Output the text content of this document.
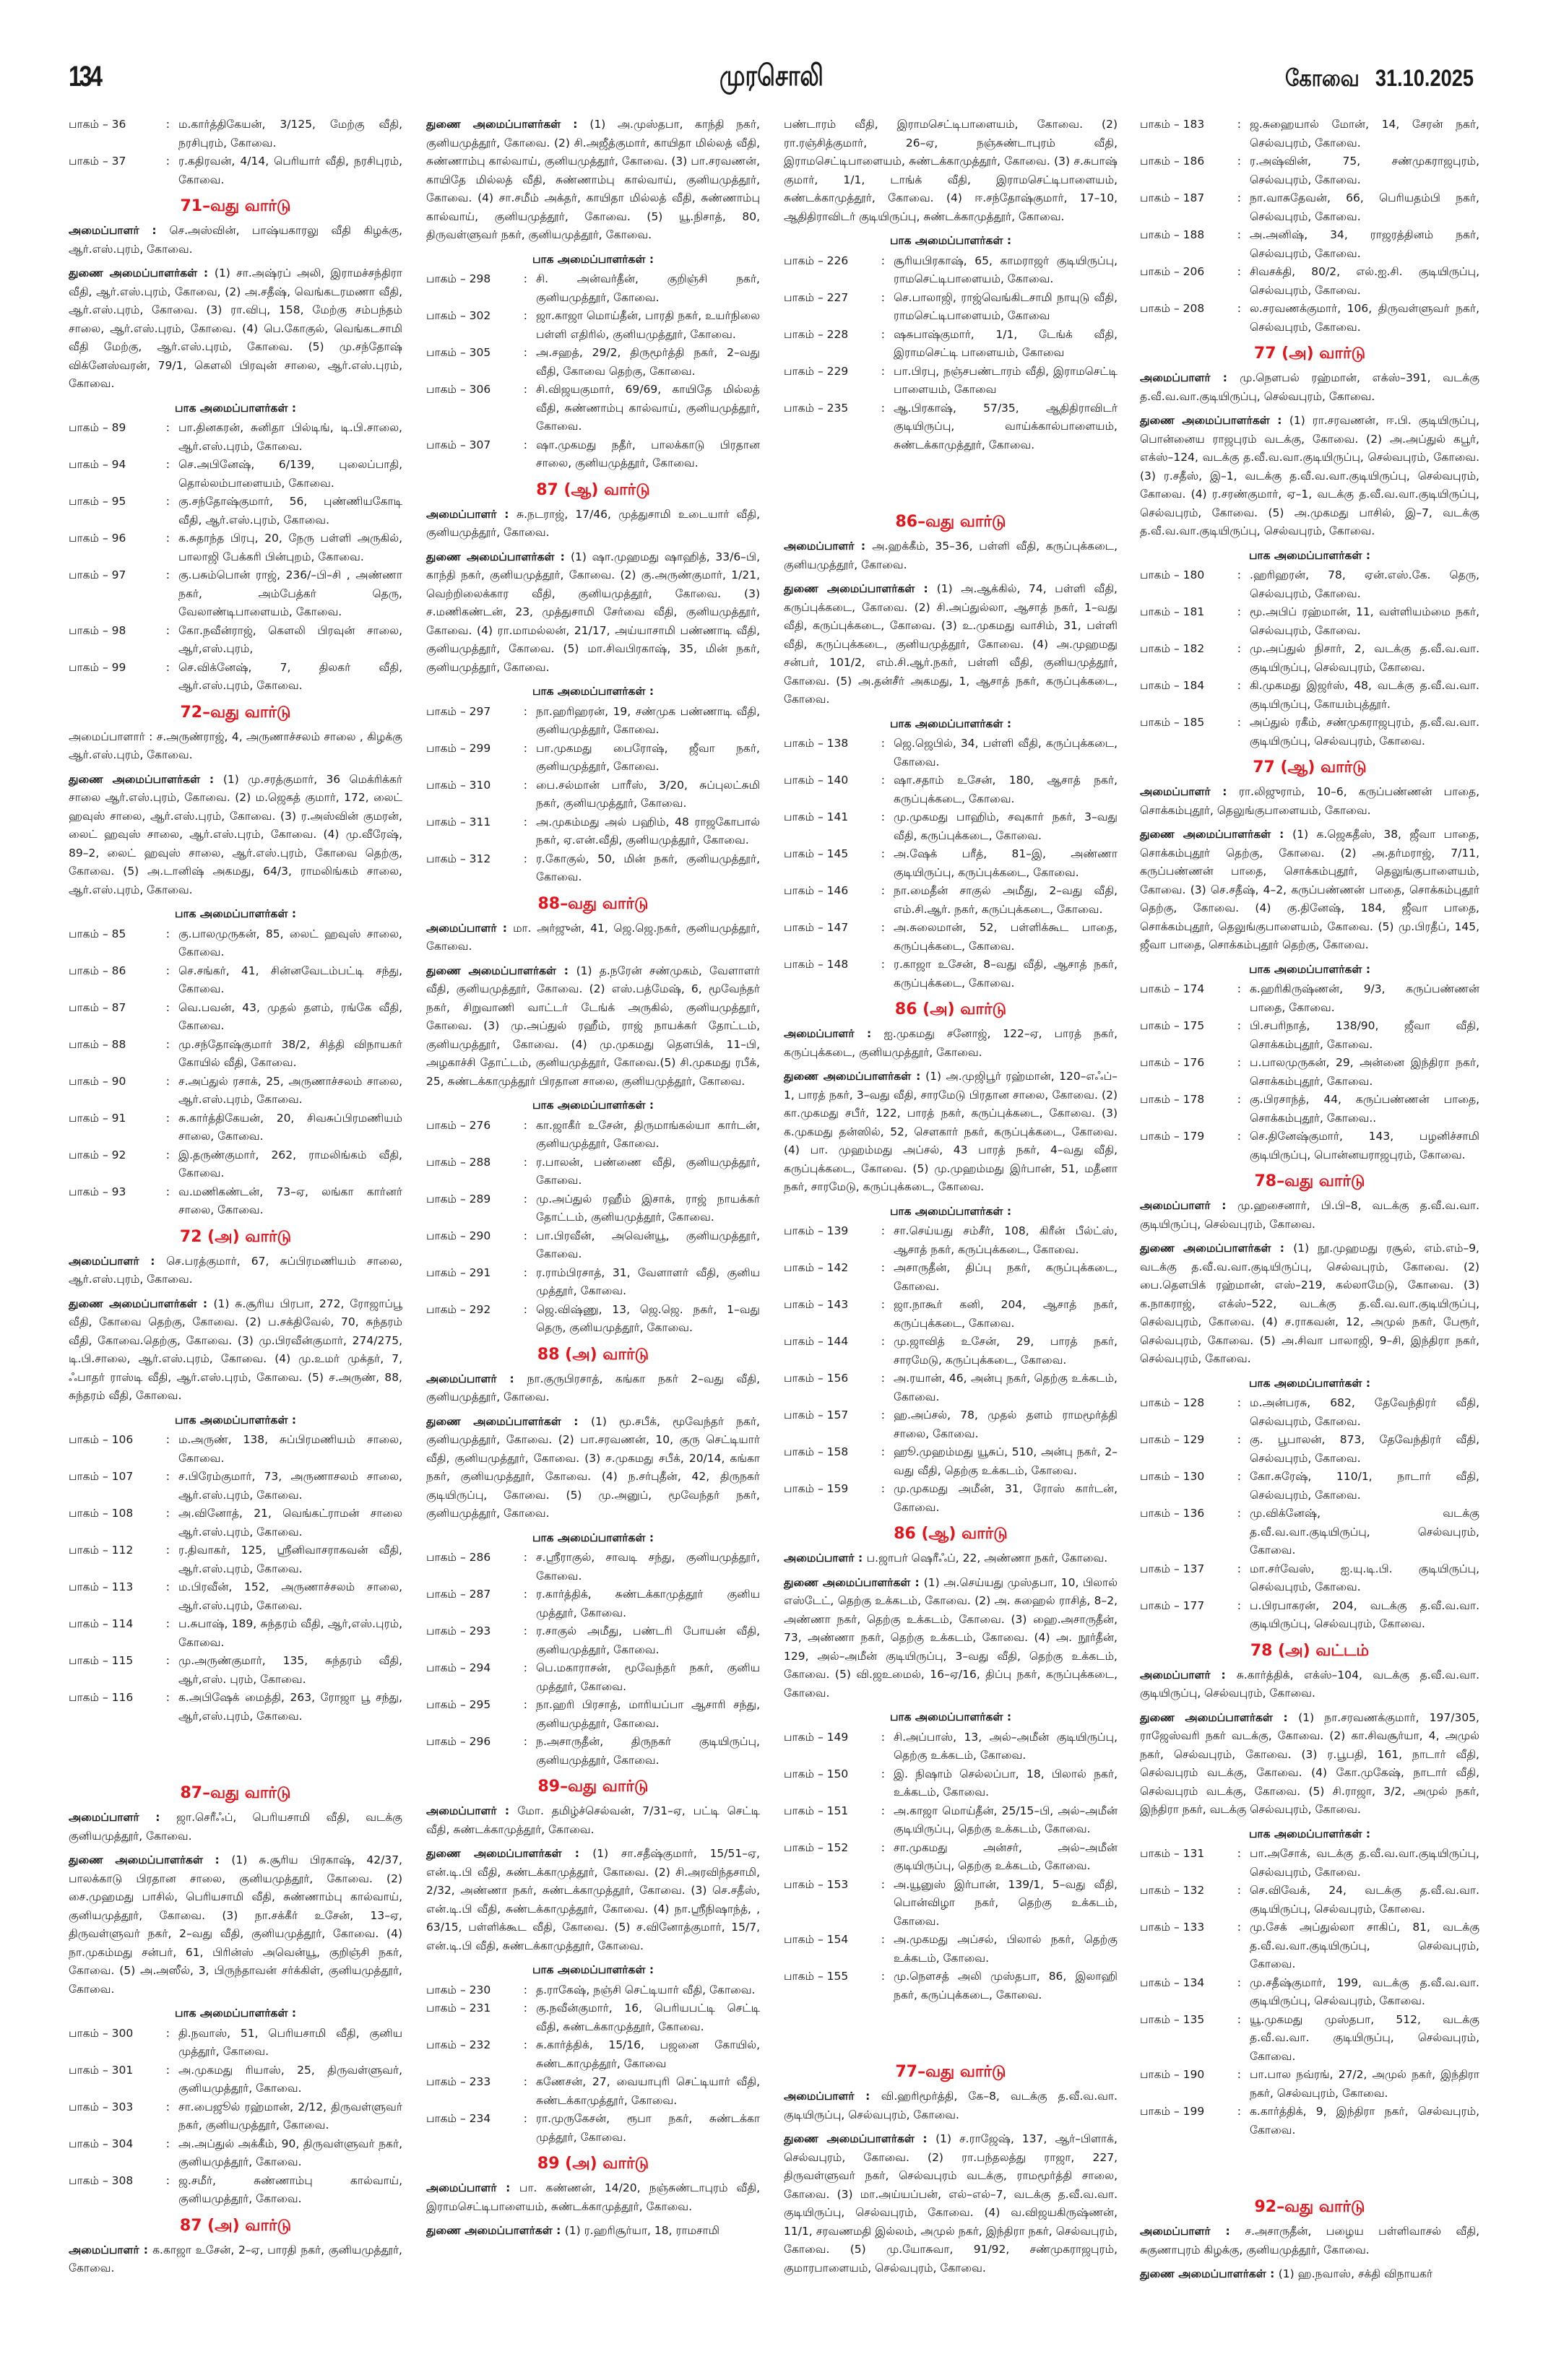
134	முரசொலி	கோவை 31.10.2025
பாகம் – 36	: ம.கார்த்திகேயன், 3/125, மேற்கு வீதி, நரசிபுரம், கோவை.
பாகம் – 37	: ர.கதிரவன், 4/14, பெரியார் வீதி, நரசிபுரம், கோவை.
71–வது வார்டு

அமைப்பாளர் : செ.அஸ்வின், பாஷ்யகாரலு வீதி கிழக்கு, ஆர்.எஸ்.புரம், கோவை.

துணை அமைப்பாளர்கள் : (1) சா.அஷ்ரப் அலி, இராமச்சந்திரா வீதி, ஆர்.எஸ்.புரம், கோவை, (2) அ.சதீஷ், வெங்கடரமணா வீதி, ஆர்.எஸ்.புரம், கோவை. (3) ரா.விபு, 158, மேற்கு சம்பந்தம் சாலை, ஆர்.எஸ்.புரம், கோவை. (4) பெ.கோகுல், வெங்கடசாமி வீதி மேற்கு, ஆர்.எஸ்.புரம், கோவை. (5) மு.சந்தோஷ் விக்னேஸ்வரன், 79/1, கௌலி பிரவுன் சாலை, ஆர்.எஸ்.புரம், கோவை.

பாக அமைப்பாளர்கள் :
பாகம் – 89	: பா.தினகரன், சுனிதா பில்டிங், டி.பி.சாலை, ஆர்.எஸ்.புரம், கோவை.
பாகம் – 94	: செ.அபினேஷ், 6/139, புலைப்பாதி, தொல்லம்பாளையம், கோவை.
பாகம் – 95	: கு.சந்தோஷ்குமார், 56, புண்ணியகோடி வீதி, ஆர்.எஸ்.புரம், கோவை.
பாகம் – 96	: க.சுதாந்த பிரபு, 20, நேரு பள்ளி அருகில், பாலாஜி பேக்கரி பின்புறம், கோவை.
பாகம் – 97	: கு.பசும்பொன் ராஜ், 236/–பி–சி , அண்ணா நகர், அம்பேத்கர் தெரு, வேலாண்டிபாளையம், கோவை.
பாகம் – 98	: கோ.நவீன்ராஜ், கௌலி பிரவுன் சாலை, ஆர்,எஸ்.புரம்,
பாகம் – 99	: செ.விக்னேஷ், 7, திலகர் வீதி, ஆர்.எஸ்.புரம், கோவை.
72–வது வார்டு

அமைப்பாளார் : ச.அருண்ராஜ், 4, அருணாச்சலம் சாலை , கிழக்கு ஆர்.எஸ்.புரம், கோவை.

துணை அமைப்பாளர்கள் : (1) மு.சரத்குமார், 36 மெக்ரிக்கர் சாலை ஆர்.எஸ்.புரம், கோவை. (2) ம.ஜெகத் குமார், 172, லைட் ஹவுஸ் சாலை, ஆர்.எஸ்.புரம், கோவை. (3) ர.அஸ்வின் குமரன், லைட் ஹவுஸ் சாலை, ஆர்.எஸ்.புரம், கோவை. (4) மு.வீரேஷ், 89–2, லைட் ஹவுஸ் சாலை, ஆர்.எஸ்.புரம், கோவை தெற்கு, கோவை. (5) அ.டானிஷ் அகமது, 64/3, ராமலிங்கம் சாலை, ஆர்.எஸ்.புரம், கோவை.

பாக அமைப்பாளர்கள் :
பாகம் – 85	: கு.பாலமுருகன், 85, லைட் ஹவுஸ் சாலை, கோவை.
பாகம் – 86	: செ.சங்கர், 41, சின்னவேடம்பட்டி சந்து, கோவை.
பாகம் – 87	: வெ.பவன், 43, முதல் தளம், ரங்கே வீதி, கோவை.
பாகம் – 88	: மு.சந்தோஷ்குமார் 38/2, சித்தி விநாயகர் கோயில் வீதி, கோவை.
பாகம் – 90	: ச.அப்துல் ரசாக், 25, அருணாச்சலம் சாலை, ஆர்.எஸ்.புரம், கோவை.
பாகம் – 91	: சு.கார்த்திகேயன், 20, சிவசுப்பிரமணியம் சாலை, கோவை.
பாகம் – 92	: இ.தருண்குமார், 262, ராமலிங்கம் வீதி, கோவை.
பாகம் – 93	: வ.மணிகண்டன், 73–ஏ, லங்கா கார்னர் சாலை, கோவை.
72 (அ) வார்டு

அமைப்பாளர் : செ.பரத்குமார், 67, சுப்பிரமணியம் சாலை, ஆர்.எஸ்.புரம், கோவை.

துணை அமைப்பாளர்கள் : (1) சு.சூரிய பிரபா, 272, ரோஜாப்பூ வீதி, கோவை தெற்கு, கோவை. (2) ப.சக்திவேல், 70, சுந்தரம் வீதி, கோவை.தெற்கு, கோவை. (3) மு.பிரவீன்குமார், 274/275, டி.பி.சாலை, ஆர்.எஸ்.புரம், கோவை. (4) மு.உமர் முக்தர், 7, ஃபாதர் ராஸ்டி வீதி, ஆர்.எஸ்.புரம், கோவை. (5) ச.அருண், 88, சுந்தரம் வீதி, கோவை.

பாக அமைப்பாளர்கள் :
பாகம் – 106	: ம.அருண், 138, சுப்பிரமணியம் சாலை, கோவை.
பாகம் – 107	: ச.பிரேம்குமார், 73, அருணாசலம் சாலை, ஆர்.எஸ்.புரம், கோவை.
பாகம் – 108	: அ.வினோத், 21, வெங்கட்ராமன் சாலை ஆர்.எஸ்.புரம், கோவை.
பாகம் – 112	: ர.திவாகர், 125, ஸ்ரீனிவாசராகவன் வீதி, ஆர்.எஸ்.புரம், கோவை.
பாகம் – 113	: ம.பிரவீன், 152, அருணாச்சலம் சாலை, ஆர்.எஸ்.புரம், கோவை.
பாகம் – 114	: ப.சுபாஷ், 189, சுந்தரம் வீதி, ஆர்,எஸ்.புரம், கோவை.
பாகம் – 115	: மு.அருண்குமார், 135, சுந்தரம் வீதி, ஆர்,எஸ். புரம், கோவை.
பாகம் – 116	: க.அபிஷேக் மைத்தி, 263, ரோஜா பூ சந்து, ஆர்,எஸ்.புரம், கோவை.
87–வது வார்டு

அமைப்பாளர் : ஜா.செரீஃப், பெரியசாமி வீதி, வடக்கு குனியமுத்தூர், கோவை.

துணை அமைப்பாளர்கள் : (1) சு.சூரிய பிரகாஷ், 42/37, பாலக்காடு பிரதான சாலை, குனியமுத்தூர், கோவை. (2) சை.முஹமது பாசில், பெரியசாமி வீதி, சுண்ணாம்பு கால்வாய், குனியமுத்தூர், கோவை. (3) நா.சக்கீர் உசேன், 13–ஏ, திருவள்ளுவர் நகர், 2–வது வீதி, குனியமுத்தூர், கோவை. (4) நா.முகம்மது சன்பர், 61, பிரின்ஸ் அவென்யூ, குறிஞ்சி நகர், கோவை. (5) அ.அஸீல், 3, பிருந்தாவன் சர்க்கிள், குனியமுத்தூர், கோவை.

பாக அமைப்பாளர்கள் :
பாகம் – 300	: தி.நவாஸ், 51, பெரியசாமி வீதி, குனிய முத்தூர், கோவை.
பாகம் – 301	: அ.முகமது ரியாஸ், 25, திருவள்ளுவர், குனியமுத்தூர், கோவை.
பாகம் – 303	: சா.பைஜூல் ரஹ்மான், 2/12, திருவள்ளுவர் நகர், குனியமுத்தூர், கோவை.
பாகம் – 304	: அ.அப்துல் அக்கீம், 90, திருவள்ளுவர் நகர், குனியமுத்தூர், கோவை.
பாகம் – 308	: ஜ.சமீர், சுண்ணாம்பு கால்வாய், குனியமுத்தூர், கோவை.
87 (அ) வார்டு

அமைப்பாளர் : க.காஜா உசேன், 2–ஏ, பாரதி நகர், குனியமுத்தூர், கோவை.

துணை அமைப்பாளர்கள் : (1) அ.முஸ்தபா, காந்தி நகர், குனியமுத்தூர், கோவை. (2) சி.அஜீத்குமார், காயிதா மில்லத் வீதி, சுண்ணாம்பு கால்வாய், குனியமுத்தூர், கோவை. (3) பா.சரவணன், காயிதே மில்லத் வீதி, சுண்ணாம்பு கால்வாய், குனியமுத்தூர், கோவை. (4) சா.சமீம் அக்தர், காயிதா மில்லத் வீதி, சுண்ணாம்பு கால்வாய், குனியமுத்தூர், கோவை. (5) யூ.நிசாத், 80, திருவள்ளுவர் நகர், குனியமுத்தூர், கோவை.

பாக அமைப்பாளர்கள் :
பாகம் – 298	: சி. அன்வர்தீன், குறிஞ்சி நகர், குனியமுத்தூர், கோவை.
பாகம் – 302	: ஜா.காஜா மொய்தீன், பாரதி நகர், உயர்நிலை பள்ளி எதிரில், குனியமுத்தூர், கோவை.
பாகம் – 305	: அ.சஹத், 29/2, திருமூர்த்தி நகர், 2–வது வீதி, கோவை தெற்கு, கோவை.
பாகம் – 306	: சி.விஜயகுமார், 69/69, காயிதே மில்லத் வீதி, சுண்ணாம்பு கால்வாய், குனியமுத்தூர், கோவை.
பாகம் – 307	: ஷா.முகமது நதீர், பாலக்காடு பிரதான சாலை, குனியமுத்தூர், கோவை.
87 (ஆ) வார்டு

அமைப்பாளர் : சு.நடராஜ், 17/46, முத்துசாமி உடையார் வீதி, குனியமுத்தூர், கோவை.

துணை அமைப்பாளர்கள் : (1) ஷா.முஹமது ஷாஹித், 33/6–பி, காந்தி நகர், குனியமுத்தூர், கோவை. (2) கு.அருண்குமார், 1/21, வெற்றிலைக்கார வீதி, குனியமுத்தூர், கோவை. (3) ச.மணிகண்டன், 23, முத்துசாமி சேர்வை வீதி, குனியமுத்தூர், கோவை. (4) ரா.மாமல்லன், 21/17, அய்யாசாமி பண்ணாடி வீதி, குனியமுத்தூர், கோவை. (5) மா.சிவபிரகாஷ், 35, மின் நகர், குனியமுத்தூர், கோவை.

பாக அமைப்பாளர்கள் :
பாகம் – 297	: நா.ஹரிஹரன், 19, சண்முக பண்ணாடி வீதி, குனியமுத்தூர், கோவை.
பாகம் – 299	: பா.முகமது பைரோஷ், ஜீவா நகர், குனியமுத்தூர், கோவை.
பாகம் – 310	: பை.சல்மான் பாரீஸ், 3/20, சுப்புலட்சுமி நகர், குனியமுத்தூர், கோவை.
பாகம் – 311	: அ.முகம்மது அல் பஹிம், 48 ராஜகோபால் நகர், ஏ.என்.வீதி, குனியமுத்தூர், கோவை.
பாகம் – 312	: ர.கோகுல், 50, மின் நகர், குனியமுத்தூர், கோவை.
88–வது வார்டு

அமைப்பாளர் : மா. அர்ஜுன், 41, ஜெ.ஜெ.நகர், குனியமுத்தூர், கோவை.

துணை அமைப்பாளர்கள் : (1) த.நரேன் சண்முகம், வேளாளர் வீதி, குனியமுத்தூர், கோவை. (2) எஸ்.பத்மேஷ், 6, மூவேந்தர் நகர், சிறுவாணி வாட்டர் டேங்க் அருகில், குனியமுத்தூர், கோவை. (3) மு.அப்துல் ரஹீம், ராஜ் நாயக்கர் தோட்டம், குனியமுத்தூர், கோவை. (4) மு.முகமது தௌபிக், 11–பி, அழகாச்சி தோட்டம், குனியமுத்தூர், கோவை.(5) சி.முகமது ரபீக், 25, சுண்டக்காமுத்தூர் பிரதான சாலை, குனியமுத்தூர், கோவை.

பாக அமைப்பாளர்கள் :
பாகம் – 276	: கா.ஜாகீர் உசேன், திருமாங்கல்யா கார்டன், குனியமுத்தூர், கோவை.
பாகம் – 288	: ர.பாலன், பண்ணை வீதி, குனியமுத்தூர், கோவை.
பாகம் – 289	: மு.அப்துல் ரஹீம் இசாக், ராஜ் நாயக்கர் தோட்டம், குனியமுத்தூர், கோவை.
பாகம் – 290	: பா.பிரவீன், அவென்யூ, குனியமுத்தூர், கோவை.
பாகம் – 291	: ர.ராம்பிரசாத், 31, வேளாளர் வீதி, குனிய முத்தூர், கோவை.
பாகம் – 292	: ஜெ.விஷ்ணு, 13, ஜெ.ஜெ. நகர், 1–வது தெரு, குனியமுத்தூர், கோவை.
88 (அ) வார்டு

அமைப்பாளர் : நா.குருபிரசாத், கங்கா நகர் 2–வது வீதி, குனியமுத்தூர், கோவை.

துணை அமைப்பாளர்கள் : (1) மூ.சபீக், மூவேந்தர் நகர், குனியமுத்தூர், கோவை. (2) பா.சரவணன், 10, குரு செட்டியார் வீதி, குனியமுத்தூர், கோவை. (3) ச.முகமது சபீக், 20/14, கங்கா நகர், குனியமுத்தூர், கோவை. (4) ந.சர்புதீன், 42, திருநகர் குடியிருப்பு, கோவை. (5) மு.அனுப், மூவேந்தர் நகர், குனியமுத்தூர், கோவை.

பாக அமைப்பாளர்கள் :
பாகம் – 286	: ச.ஸ்ரீராகுல், சாவடி சந்து, குனியமுத்தூர், கோவை.
பாகம் – 287	: ர.கார்த்திக், சுண்டக்காமுத்தூர் குனிய முத்தூர், கோவை.
பாகம் – 293	: ர.சாகுல் அமீது, பண்டரி போயன் வீதி, குனியமுத்தூர், கோவை.
பாகம் – 294	: பெ.மகாராசன், மூவேந்தர் நகர், குனிய முத்தூர், கோவை.
பாகம் – 295	: நா.ஹரி பிரசாத், மாரியப்பா ஆசாரி சந்து, குனியமுத்தூர், கோவை.
பாகம் – 296	: ந.அசாருதீன், திருநகர் குடியிருப்பு, குனியமுத்தூர், கோவை.
89–வது வார்டு

அமைப்பாளர் : மோ. தமிழ்ச்செல்வன், 7/31–ஏ, பட்டி செட்டி வீதி, சுண்டக்காமுத்தூர், கோவை.

துணை அமைப்பாளர்கள் : (1) சா.சதீஷ்குமார், 15/51–ஏ, என்.டி.பி வீதி, சுண்டக்காமுத்தூர், கோவை. (2) சி.அரவிந்தசாமி, 2/32, அண்ணா நகர், சுண்டக்காமுத்தூர், கோவை. (3) செ.சதீஸ், என்.டி.பி வீதி, சுண்டக்காமுத்தூர், கோவை. (4) நா.ஸ்ரீநிஷாந்த், , 63/15, பள்ளிக்கூட வீதி, கோவை. (5) ச.வினோத்குமார், 15/7, என்.டி.பி வீதி, சுண்டக்காமுத்தூர், கோவை.

பாக அமைப்பாளர்கள் :
பாகம் – 230	: த.ராகேஷ், நஞ்சி செட்டியார் வீதி, கோவை.
பாகம் – 231	: கு.நவீன்குமார், 16, பெரியபட்டி செட்டி வீதி, சுண்டக்காமுத்தூர், கோவை.
பாகம் – 232	: சு.கார்த்திக், 15/16, பஜனை கோயில், சுண்டகாமுத்தூர், கோவை
பாகம் – 233	: கணேசன், 27, வையாபுரி செட்டியார் வீதி, சுண்டக்காமுத்தூர், கோவை.
பாகம் – 234	: ரா.முருகேசன், ரூபா நகர், சுண்டக்கா முத்தூர், கோவை.
89 (அ) வார்டு

அமைப்பாளர் : பா. கண்ணன், 14/20, நஞ்சுண்டாபுரம் வீதி, இராமசெட்டிபாளையம், சுண்டக்காமுத்தூர், கோவை.

துணை அமைப்பாளர்கள் : (1) ர.ஹரிசூர்யா, 18, ராமசாமி

பண்டாரம் வீதி, இராமசெட்டிபாளையம், கோவை. (2) ரா.ரஞ்சித்குமார், 26–ஏ, நஞ்சுண்டாபுரம் வீதி, இராமசெட்டிபாளையம், சுண்டக்காமுத்தூர், கோவை. (3) ச.சுபாஷ் குமார், 1/1, டாங்க் வீதி, இராமசெட்டிபாளையம், சுண்டக்காமுத்தூர், கோவை. (4) ஈ.சந்தோஷ்குமார், 17–10, ஆதிதிராவிடர் குடியிருப்பு, சுண்டக்காமுத்தூர், கோவை.

பாக அமைப்பாளர்கள் :
பாகம் – 226	: சூரியபிரகாஷ், 65, காமராஜர் குடியிருப்பு, ராமசெட்டிபாளையம், கோவை.
பாகம் – 227	: செ.பாலாஜி, ராஜ்வெங்கிடசாமி நாயுடு வீதி, ராமசெட்டிபாளையம், கோவை
பாகம் – 228	: ஷசுபாஷ்குமார், 1/1, டேங்க் வீதி, இராமசெட்டி பாளையம், கோவை
பாகம் – 229	: பா.பிரபு, நஞ்சபண்டாரம் வீதி, இராமசெட்டி பாளையம், கோவை
பாகம் – 235	: ஆ.பிரகாஷ், 57/35, ஆதிதிராவிடர் குடியிருப்பு, வாய்க்கால்பாளையம், சுண்டக்காமுத்தூர், கோவை.
86–வது வார்டு

அமைப்பாளர் : அ.ஹக்கீம், 35–36, பள்ளி வீதி, கருப்புக்கடை, குனியமுத்தூர், கோவை.

துணை அமைப்பாளர்கள் : (1) அ.ஆக்கில், 74, பள்ளி வீதி, கருப்புக்கடை, கோவை. (2) சி.அப்துல்லா, ஆசாத் நகர், 1–வது வீதி, கருப்புக்கடை, கோவை. (3) உ.முகமது வாசிம், 31, பள்ளி வீதி, கருப்புக்கடை, குனியமுத்தூர், கோவை. (4) அ.முஹமது சன்பர், 101/2, எம்.சி.ஆர்.நகர், பள்ளி வீதி, குனியமுத்தூர், கோவை. (5) அ.தன்சீர் அகமது, 1, ஆசாத் நகர், கருப்புக்கடை, கோவை.

பாக அமைப்பாளர்கள் :
பாகம் – 138	: ஜெ.ஜெபில், 34, பள்ளி வீதி, கருப்புக்கடை, கோவை.
பாகம் – 140	: ஷா.சதாம் உசேன், 180, ஆசாத் நகர், கருப்புக்கடை, கோவை.
பாகம் – 141	: மு.முகமது பாஹிம், சவுகார் நகர், 3–வது வீதி, கருப்புக்கடை, கோவை.
பாகம் – 145	: அ.ஷேக் பரீத், 81–இ, அண்ணா குடியிருப்பு, கருப்புக்கடை, கோவை.
பாகம் – 146	: நா.மைதீன் சாகுல் அமீது, 2–வது வீதி, எம்.சி.ஆர். நகர், கருப்புக்கடை, கோவை.
பாகம் – 147	: அ.சுலைமான், 52, பள்ளிக்கூட பாதை, கருப்புக்கடை, கோவை.
பாகம் – 148	: ர.காஜா உசேன், 8–வது வீதி, ஆசாத் நகர், கருப்புக்கடை, கோவை.
86 (அ) வார்டு

அமைப்பாளர் : ஐ.முகமது சனோஜ், 122–ஏ, பாரத் நகர், கருப்புக்கடை, குனியமுத்தூர், கோவை.

துணை அமைப்பாளர்கள் : (1) அ.முஜிபூர் ரஹ்மான், 120–எஃப்–1, பாரத் நகர், 3–வது வீதி, சாரமேடு பிரதான சாலை, கோவை. (2) கா.முகமது சபீர், 122, பாரத் நகர், கருப்புக்கடை, கோவை. (3) க.முகமது தன்ஸில், 52, சௌகார் நகர், கருப்புக்கடை, கோவை. (4) பா. முஹம்மது அப்சல், 43 பாரத் நகர், 4–வது வீதி, கருப்புக்கடை, கோவை. (5) மு.முஹம்மது இர்பான், 51, மதீனா நகர், சாரமேடு, கருப்புக்கடை, கோவை.

பாக அமைப்பாளர்கள் :
பாகம் – 139	: சா.செய்யது சம்சீர், 108, கிரீன் பீல்ட்ஸ், ஆசாத் நகர், கருப்புக்கடை, கோவை.
பாகம் – 142	: அசாருதீன், திப்பு நகர், கருப்புக்கடை, கோவை.
பாகம் – 143	: ஜா.நாகூர் கனி, 204, ஆசாத் நகர், கருப்புக்கடை, கோவை.
பாகம் – 144	: மு.ஜாவித் உசேன், 29, பாரத் நகர், சாரமேடு, கருப்புக்கடை, கோவை.
பாகம் – 156	: அ.ரயான், 46, அன்பு நகர், தெற்கு உக்கடம், கோவை.
பாகம் – 157	: ஹ.அப்சல், 78, முதல் தளம் ராமமூர்த்தி சாலை, கோவை.
பாகம் – 158	: ஹூ.முஹம்மது யூசுப், 510, அன்பு நகர், 2–வது வீதி, தெற்கு உக்கடம், கோவை.
பாகம் – 159	: மு.முகமது அமீன், 31, ரோஸ் கார்டன், கோவை.
86 (ஆ) வார்டு

அமைப்பாளர் : ப.ஜாபர் ஷெரீஃப், 22, அண்ணா நகர், கோவை.

துணை அமைப்பாளர்கள் : (1) அ.செய்யது முஸ்தபா, 10, பிலால் எஸ்டேட், தெற்கு உக்கடம், கோவை. (2) அ. சுஹைல் ராசித், 8–2, அண்ணா நகர், தெற்கு உக்கடம், கோவை. (3) ஹை.அசாருதீன், 73, அண்ணா நகர், தெற்கு உக்கடம், கோவை. (4) அ. நூர்தீன், 129, அல்–அமீன் குடியிருப்பு, 3–வது வீதி, தெற்கு உக்கடம், கோவை. (5) வி.ஜஉமைல், 16–ஏ/16, திப்பு நகர், கருப்புக்கடை, கோவை.

பாக அமைப்பாளர்கள் :
பாகம் – 149	: சி.அப்பாஸ், 13, அல்–அமீன் குடியிருப்பு, தெற்கு உக்கடம், கோவை.
பாகம் – 150	: இ. நிஷாம் செல்லப்பா, 18, பிலால் நகர், உக்கடம், கோவை.
பாகம் – 151	: அ.காஜா மொய்தீன், 25/15–பி, அல்–அமீன் குடியிருப்பு, தெற்கு உக்கடம், கோவை.
பாகம் – 152	: சா.முகமது அன்சர், அல்–அமீன் குடியிருப்பு, தெற்கு உக்கடம், கோவை.
பாகம் – 153	: அ.யூனுஸ் இர்பான், 139/1, 5–வது வீதி, பொன்விழா நகர், தெற்கு உக்கடம், கோவை.
பாகம் – 154	: அ.முகமது அப்சல், பிலால் நகர், தெற்கு உக்கடம், கோவை.
பாகம் – 155	: மு.நௌசத் அலி முஸ்தபா, 86, இலாஹி நகர், கருப்புக்கடை, கோவை.
77–வது வார்டு

அமைப்பாளர் : வி.ஹரிமூர்த்தி, கே–8, வடக்கு த.வீ.வ.வா. குடியிருப்பு, செல்வபுரம், கோவை.

துணை அமைப்பாளர்கள் : (1) ச.ராஜேஷ், 137, ஆர்–பிளாக், செல்வபுரம், கோவை. (2) ரா.பந்தலத்து ராஜா, 227, திருவள்ளுவர் நகர், செல்வபுரம் வடக்கு, ராமமூர்த்தி சாலை, கோவை. (3) மா.அய்யப்பன், எல்–எல்–7, வடக்கு த.வீ.வ.வா. குடியிருப்பு, செல்வபுரம், கோவை. (4) வ.விஜயகிருஷ்ணன், 11/1, சரவணமதி இல்லம், அமுல் நகர், இந்திரா நகர், செல்வபுரம், கோவை. (5) மு.யோசுவா, 91/92, சண்முகராஜபுரம், குமாரபாளையம், செல்வபுரம், கோவை.

பாகம் – 183	: ஜ.சுஹையால் மோன், 14, சேரன் நகர், செல்வபுரம், கோவை.
பாகம் – 186	: ர.அஷ்வின், 75, சண்முகராஜபுரம், செல்வபுரம், கோவை.
பாகம் – 187	: நா.வாசுதேவன், 66, பெரியதம்பி நகர், செல்வபுரம், கோவை.
பாகம் – 188	: அ.அனிஷ், 34, ராஜரத்தினம் நகர், செல்வபுரம், கோவை.
பாகம் – 206	: சிவசக்தி, 80/2, எல்.ஐ.சி. குடியிருப்பு, செல்வபுரம், கோவை.
பாகம் – 208	: ல.சரவணக்குமார், 106, திருவள்ளுவர் நகர், செல்வபுரம், கோவை.
77 (அ) வார்டு

அமைப்பாளர் : மு.நௌபல் ரஹ்மான், எக்ஸ்–391, வடக்கு த.வீ.வ.வா.குடியிருப்பு, செல்வபுரம், கோவை.

துணை அமைப்பாளர்கள் : (1) ரா.சரவணன், ஈ.பி. குடியிருப்பு, பொன்னைய ராஜபுரம் வடக்கு, கோவை. (2) அ.அப்துல் கபூர், எக்ஸ்–124, வடக்கு த.வீ.வ.வா.குடியிருப்பு, செல்வபுரம், கோவை. (3) ர.சதீஸ், இ–1, வடக்கு த.வீ.வ.வா.குடியிருப்பு, செல்வபுரம், கோவை. (4) ர.சரண்குமார், ஏ–1, வடக்கு த.வீ.வ.வா.குடியிருப்பு, செல்வபுரம், கோவை. (5) அ.முகமது பாசில், இ–7, வடக்கு த.வீ.வ.வா.குடியிருப்பு, செல்வபுரம், கோவை.

பாக அமைப்பாளர்கள் :
பாகம் – 180	: .ஹரிஹரன், 78, ஏன்.எஸ்.கே. தெரு, செல்வபுரம், கோவை.
பாகம் – 181	: மூ.அபிப் ரஹ்மான், 11, வள்ளியம்மை நகர், செல்வபுரம், கோவை.
பாகம் – 182	: மு.அப்துல் நிசார், 2, வடக்கு த.வீ.வ.வா. குடியிருப்பு, செல்வபுரம், கோவை.
பாகம் – 184	: கி.முகமது இஜர்ஸ், 48, வடக்கு த.வீ.வ.வா. குடியிருப்பு, கோயம்புத்தூர்.
பாகம் – 185	: அப்துல் ரகீம், சண்முகராஜபுரம், த.வீ.வ.வா. குடியிருப்பு, செல்வபுரம், கோவை.
77 (ஆ) வார்டு

அமைப்பாளர் : ரா.லிஜுராம், 10–6, கருப்பண்ணன் பாதை, சொக்கம்புதூர், தெலுங்குபாளையம், கோவை.

துணை அமைப்பாளர்கள் : (1) க.ஜெகதீஸ், 38, ஜீவா பாதை, சொக்கம்புதூர் தெற்கு, கோவை. (2) அ.தர்மராஜ், 7/11, கருப்பண்ணன் பாதை, சொக்கம்புதூர், தெலுங்குபாளையம், கோவை. (3) செ.சதீஷ், 4–2, கருப்பண்ணன் பாதை, சொக்கம்புதூர் தெற்கு, கோவை. (4) கு.தினேஷ், 184, ஜீவா பாதை, சொக்கம்புதூர், தெலுங்குபாளையம், கோவை. (5) மு.பிரதீப், 145, ஜீவா பாதை, சொக்கம்புதூர் தெற்கு, கோவை.

பாக அமைப்பாளர்கள் :
பாகம் – 174	: க.ஹரிகிருஷ்ணன், 9/3, கருப்பண்ணன் பாதை, கோவை.
பாகம் – 175	: பி.சபரிநாத், 138/90, ஜீவா வீதி, சொக்கம்புதூர், கோவை.
பாகம் – 176	: ப.பாலமுருகன், 29, அன்னை இந்திரா நகர், சொக்கம்புதூர், கோவை.
பாகம் – 178	: கு.பிரசாந்த், 44, கருப்பண்ணன் பாதை, சொக்கம்புதூர், கோவை..
பாகம் – 179	: செ.தினேஷ்குமார், 143, பழனிச்சாமி குடியிருப்பு, பொன்னயராஜபுரம், கோவை.
78–வது வார்டு

அமைப்பாளர் : மு.ஹசைனார், பி.பி–8, வடக்கு த.வீ.வ.வா. குடியிருப்பு, செல்வபுரம், கோவை.

துணை அமைப்பாளர்கள் : (1) நூ.முஹமது ரசூல், எம்.எம்–9, வடக்கு த.வீ.வ.வா.குடியிருப்பு, செல்வபுரம், கோவை. (2) பை.தௌபிக் ரஹ்மான், எஸ்–219, கல்லாமேடு, கோவை. (3) க.நாகராஜ், எக்ஸ்–522, வடக்கு த.வீ.வ.வா.குடியிருப்பு, செல்வபுரம், கோவை. (4) ச.ராகவன், 12, அமுல் நகர், பேரூர், செல்வபுரம், கோவை. (5) அ.சிவா பாலாஜி, 9–சி, இந்திரா நகர், செல்வபுரம், கோவை.

பாக அமைப்பாளர்கள் :
பாகம் – 128	: ம.அன்பரசு, 682, தேவேந்திரர் வீதி, செல்வபுரம், கோவை.
பாகம் – 129	: கு. பூபாலன், 873, தேவேந்திரர் வீதி, செல்வபுரம், கோவை.
பாகம் – 130	: கோ.சுரேஷ், 110/1, நாடார் வீதி, செல்வபுரம், கோவை.
பாகம் – 136	: மு.விக்னேஷ், வடக்கு த.வீ.வ.வா.குடியிருப்பு, செல்வபுரம், கோவை.
பாகம் – 137	: மா.சர்வேஸ், ஐ.யு.டி.பி. குடியிருப்பு, செல்வபுரம், கோவை.
பாகம் – 177	: ப.பிரபாகரன், 204, வடக்கு த.வீ.வ.வா. குடியிருப்பு, செல்வபுரம், கோவை.
78 (அ) வட்டம்

அமைப்பாளர் : சு.கார்த்திக், எக்ஸ்–104, வடக்கு த.வீ.வ.வா. குடியிருப்பு, செல்வபுரம், கோவை.

துணை அமைப்பாளர்கள் : (1) நா.சரவணக்குமார், 197/305, ராஜேஸ்வரி நகர் வடக்கு, கோவை. (2) கா.சிவசூர்யா, 4, அமுல் நகர், செல்வபுரம், கோவை. (3) ர.பூபதி, 161, நாடார் வீதி, செல்வபுரம் வடக்கு, கோவை. (4) கோ.முகேஷ், நாடார் வீதி, செல்வபுரம் வடக்கு, கோவை. (5) சி.ராஜா, 3/2, அமுல் நகர், இந்திரா நகர், வடக்கு செல்வபுரம், கோவை.

பாக அமைப்பாளர்கள் :
பாகம் – 131	: பா.அசோக், வடக்கு த.வீ.வ.வா.குடியிருப்பு, செல்வபுரம், கோவை.
பாகம் – 132	: செ.விவேக், 24, வடக்கு த.வீ.வ.வா. குடியிருப்பு, செல்வபுரம், கோவை.
பாகம் – 133	: மு.சேக் அப்துல்லா சாகிப், 81, வடக்கு த.வீ.வ.வா.குடியிருப்பு, செல்வபுரம், கோவை.
பாகம் – 134	: மு.சதீஷ்குமார், 199, வடக்கு த.வீ.வ.வா. குடியிருப்பு, செல்வபுரம், கோவை.
பாகம் – 135	: யூ.முகமது முஸ்தபா, 512, வடக்கு த.வீ.வ.வா. குடியிருப்பு, செல்வபுரம், கோவை.
பாகம் – 190	: பா.பால நவ்ரங், 27/2, அமுல் நகர், இந்திரா நகர், செல்வபுரம், கோவை.
பாகம் – 199	: க.கார்த்திக், 9, இந்திரா நகர், செல்வபுரம், கோவை.
92–வது வார்டு

அமைப்பாளர் : ச.அசாருதீன், பழைய பள்ளிவாசல் வீதி, சுகுணாபுரம் கிழக்கு, குனியமுத்தூர், கோவை.

துணை அமைப்பாளர்கள் : (1) ஹ.நவாஸ், சக்தி விநாயகர்
